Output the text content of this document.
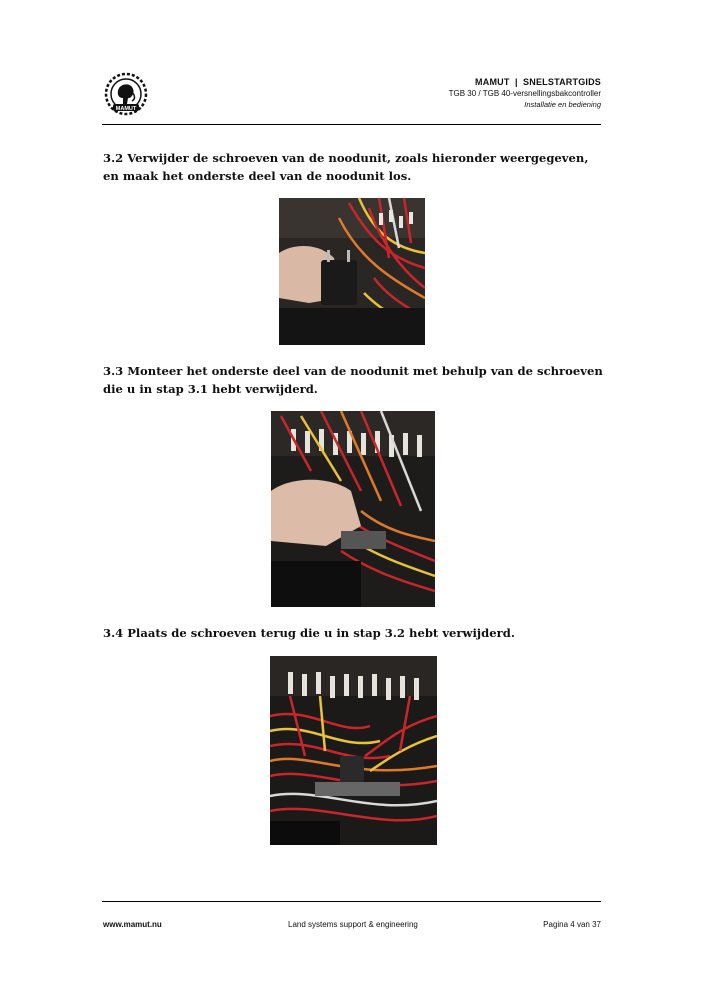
MAMUT
MAMUT  |  SNELSTARTGIDS
TGB 30 / TGB 40-versnellingsbakcontroller
Installatie en bediening
3.2 Verwijder de schroeven van de noodunit, zoals hieronder weergegeven, en maak het onderste deel van de noodunit los.
3.3 Monteer het onderste deel van de noodunit met behulp van de schroeven die u in stap 3.1 hebt verwijderd.
3.4 Plaats de schroeven terug die u in stap 3.2 hebt verwijderd.
www.mamut.nu	Land systems support & engineering	Pagina 4 van 37
